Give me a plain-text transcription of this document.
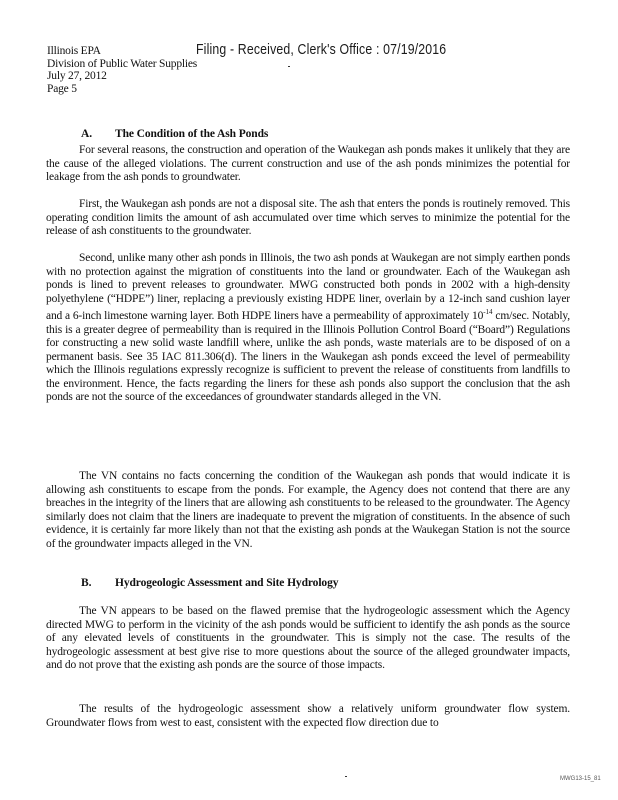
Filing - Received, Clerk's Office : 07/19/2016
Illinois EPA
Division of Public Water Supplies
July 27, 2012
Page 5
A. The Condition of the Ash Ponds

For several reasons, the construction and operation of the Waukegan ash ponds makes it unlikely that they are the cause of the alleged violations. The current construction and use of the ash ponds minimizes the potential for leakage from the ash ponds to groundwater.

First, the Waukegan ash ponds are not a disposal site. The ash that enters the ponds is routinely removed. This operating condition limits the amount of ash accumulated over time which serves to minimize the potential for the release of ash constituents to the groundwater.

Second, unlike many other ash ponds in Illinois, the two ash ponds at Waukegan are not simply earthen ponds with no protection against the migration of constituents into the land or groundwater. Each of the Waukegan ash ponds is lined to prevent releases to groundwater. MWG constructed both ponds in 2002 with a high-density polyethylene (“HDPE”) liner, replacing a previously existing HDPE liner, overlain by a 12-inch sand cushion layer and a 6-inch limestone warning layer. Both HDPE liners have a permeability of approximately $10^{-14}$ cm/sec. Notably, this is a greater degree of permeability than is required in the Illinois Pollution Control Board (“Board”) Regulations for constructing a new solid waste landfill where, unlike the ash ponds, waste materials are to be disposed of on a permanent basis. See 35 IAC 811.306(d). The liners in the Waukegan ash ponds exceed the level of permeability which the Illinois regulations expressly recognize is sufficient to prevent the release of constituents from landfills to the environment. Hence, the facts regarding the liners for these ash ponds also support the conclusion that the ash ponds are not the source of the exceedances of groundwater standards alleged in the VN.

The VN contains no facts concerning the condition of the Waukegan ash ponds that would indicate it is allowing ash constituents to escape from the ponds. For example, the Agency does not contend that there are any breaches in the integrity of the liners that are allowing ash constituents to be released to the groundwater. The Agency similarly does not claim that the liners are inadequate to prevent the migration of constituents. In the absence of such evidence, it is certainly far more likely than not that the existing ash ponds at the Waukegan Station is not the source of the groundwater impacts alleged in the VN.

B. Hydrogeologic Assessment and Site Hydrology

The VN appears to be based on the flawed premise that the hydrogeologic assessment which the Agency directed MWG to perform in the vicinity of the ash ponds would be sufficient to identify the ash ponds as the source of any elevated levels of constituents in the groundwater. This is simply not the case. The results of the hydrogeologic assessment at best give rise to more questions about the source of the alleged groundwater impacts, and do not prove that the existing ash ponds are the source of those impacts.

The results of the hydrogeologic assessment show a relatively uniform groundwater flow system. Groundwater flows from west to east, consistent with the expected flow direction due to

MWG13-15_81
